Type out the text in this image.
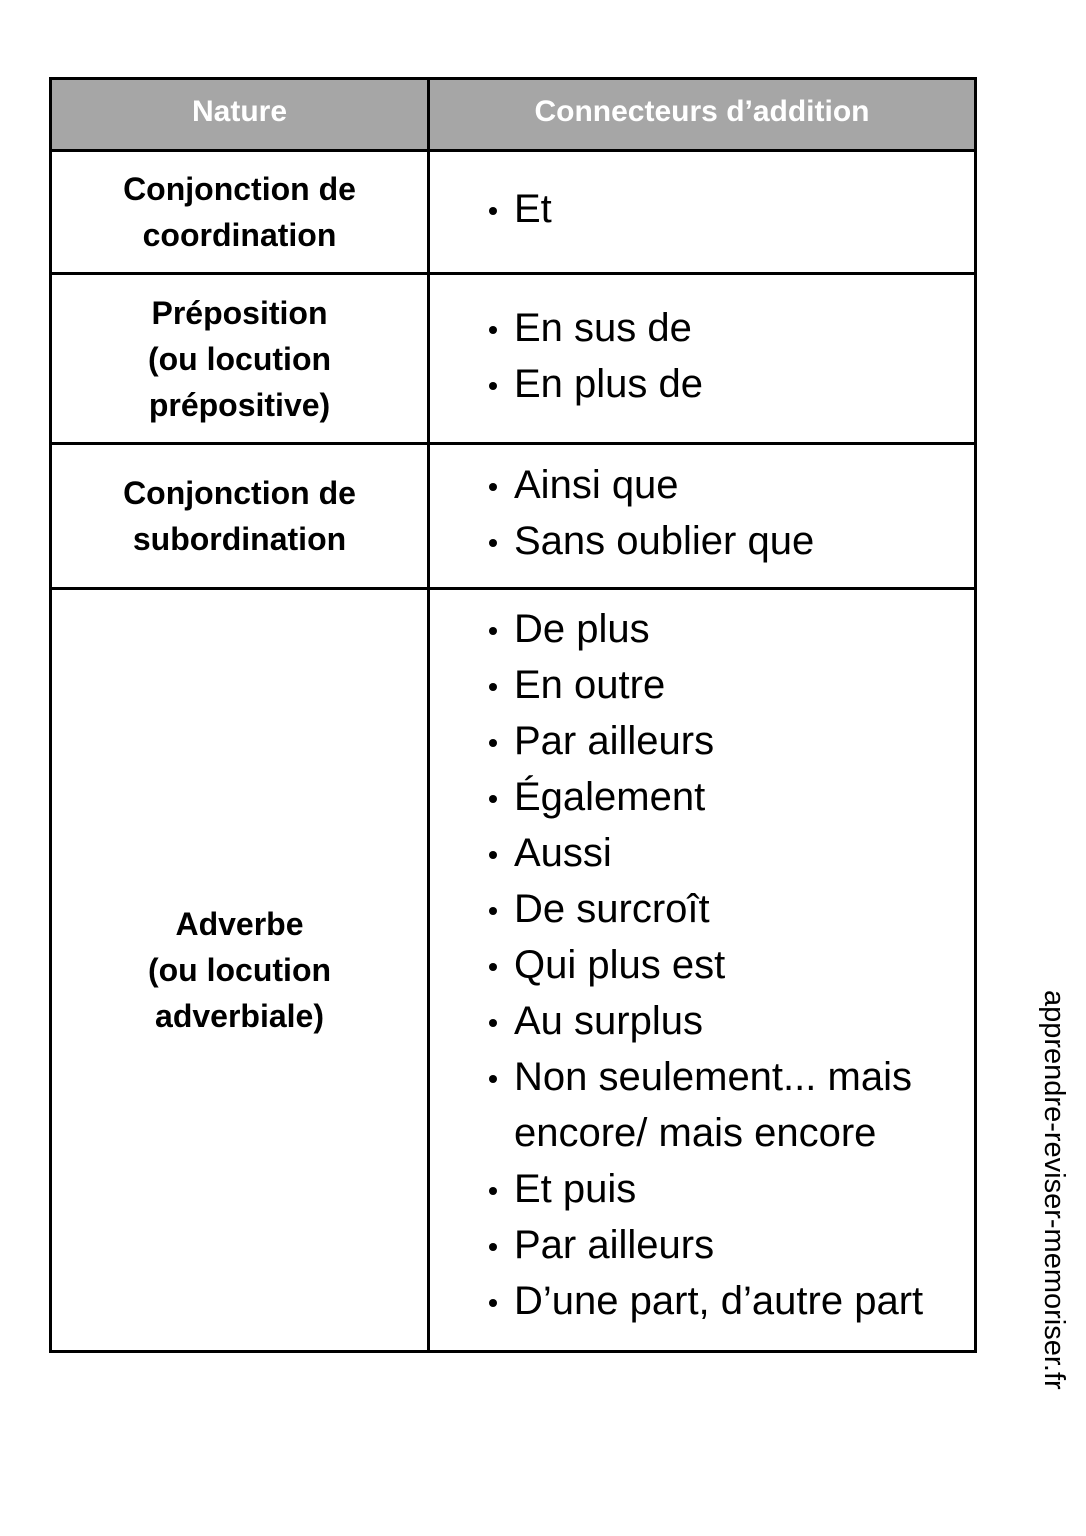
Nature	Connecteurs d’addition
Conjonction de
coordination
Et
Préposition
(ou locution
prépositive)
En sus de
En plus de
Conjonction de
subordination
Ainsi que
Sans oublier que
Adverbe
(ou locution
adverbiale)
De plus
En outre
Par ailleurs
Également
Aussi
De surcroît
Qui plus est
Au surplus
Non seulement... mais encore/ mais encore
Et puis
Par ailleurs
D’une part, d’autre part	apprendre-reviser-memoriser.fr
